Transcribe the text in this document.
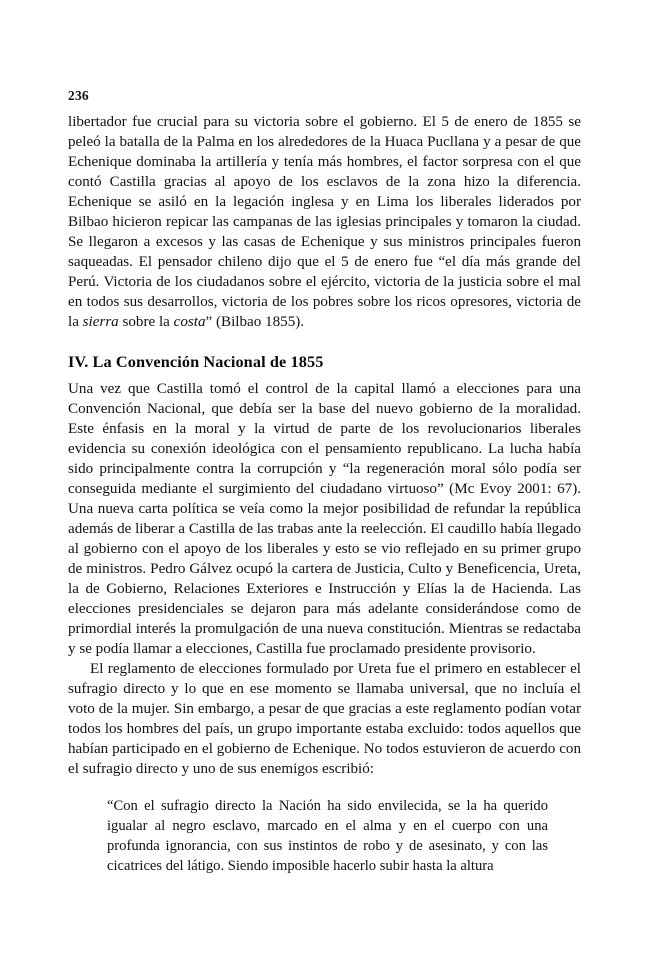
236

libertador fue crucial para su victoria sobre el gobierno. El 5 de enero de 1855 se peleó la batalla de la Palma en los alrededores de la Huaca Pucllana y a pesar de que Echenique dominaba la artillería y tenía más hombres, el factor sorpresa con el que contó Castilla gracias al apoyo de los esclavos de la zona hizo la diferencia. Echenique se asiló en la legación inglesa y en Lima los liberales liderados por Bilbao hicieron repicar las campanas de las iglesias principales y tomaron la ciudad. Se llegaron a excesos y las casas de Echenique y sus ministros principales fueron saqueadas. El pensador chileno dijo que el 5 de enero fue “el día más grande del Perú. Victoria de los ciudadanos sobre el ejército, victoria de la justicia sobre el mal en todos sus desarrollos, victoria de los pobres sobre los ricos opresores, victoria de la sierra sobre la costa” (Bilbao 1855).

IV. La Convención Nacional de 1855

Una vez que Castilla tomó el control de la capital llamó a elecciones para una Convención Nacional, que debía ser la base del nuevo gobierno de la moralidad. Este énfasis en la moral y la virtud de parte de los revolucionarios liberales evidencia su conexión ideológica con el pensamiento republicano. La lucha había sido principalmente contra la corrupción y “la regeneración moral sólo podía ser conseguida mediante el surgimiento del ciudadano virtuoso” (Mc Evoy 2001: 67). Una nueva carta política se veía como la mejor posibilidad de refundar la república además de liberar a Castilla de las trabas ante la reelección. El caudillo había llegado al gobierno con el apoyo de los liberales y esto se vio reflejado en su primer grupo de ministros. Pedro Gálvez ocupó la cartera de Justicia, Culto y Beneficencia, Ureta, la de Gobierno, Relaciones Exteriores e Instrucción y Elías la de Hacienda. Las elecciones presidenciales se dejaron para más adelante considerándose como de primordial interés la promulgación de una nueva constitución. Mientras se redactaba y se podía llamar a elecciones, Castilla fue proclamado presidente provisorio.

El reglamento de elecciones formulado por Ureta fue el primero en establecer el sufragio directo y lo que en ese momento se llamaba universal, que no incluía el voto de la mujer. Sin embargo, a pesar de que gracias a este reglamento podían votar todos los hombres del país, un grupo importante estaba excluido: todos aquellos que habían participado en el gobierno de Echenique. No todos estuvieron de acuerdo con el sufragio directo y uno de sus enemigos escribió:

“Con el sufragio directo la Nación ha sido envilecida, se la ha querido igualar al negro esclavo, marcado en el alma y en el cuerpo con una profunda ignorancia, con sus instintos de robo y de asesinato, y con las cicatrices del látigo. Siendo imposible hacerlo subir hasta la altura
